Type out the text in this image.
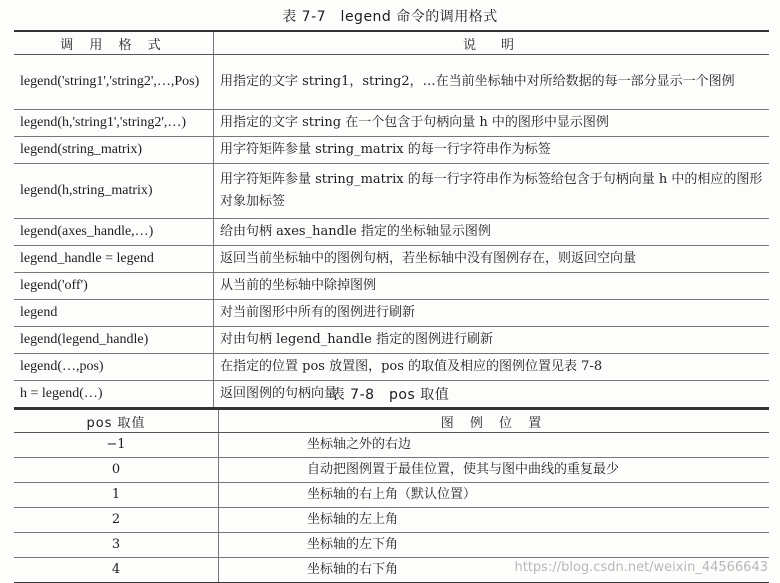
表 7-7　legend 命令的调用格式
调 用 格 式	说　明
legend('string1','string2',…,Pos)	用指定的文字 string1，string2，…在当前坐标轴中对所给数据的每一部分显示一个图例
legend(h,'string1','string2',…)	用指定的文字 string 在一个包含于句柄向量 h 中的图形中显示图例
legend(string_matrix)	用字符矩阵参量 string_matrix 的每一行字符串作为标签
legend(h,string_matrix)	用字符矩阵参量 string_matrix 的每一行字符串作为标签给包含于句柄向量 h 中的相应的图形对象加标签
legend(axes_handle,…)	给由句柄 axes_handle 指定的坐标轴显示图例
legend_handle = legend	返回当前坐标轴中的图例句柄，若坐标轴中没有图例存在，则返回空向量
legend('off')	从当前的坐标轴中除掉图例
legend	对当前图形中所有的图例进行刷新
legend(legend_handle)	对由句柄 legend_handle 指定的图例进行刷新
legend(…,pos)	在指定的位置 pos 放置图，pos 的取值及相应的图例位置见表 7-8
h = legend(…)	返回图例的句柄向量
表 7-8　pos 取值
pos 取值	图 例 位 置
−1	坐标轴之外的右边
0	自动把图例置于最佳位置，使其与图中曲线的重复最少
1	坐标轴的右上角（默认位置）
2	坐标轴的左上角
3	坐标轴的左下角
4	坐标轴的右下角	https://blog.csdn.net/weixin_44566643
